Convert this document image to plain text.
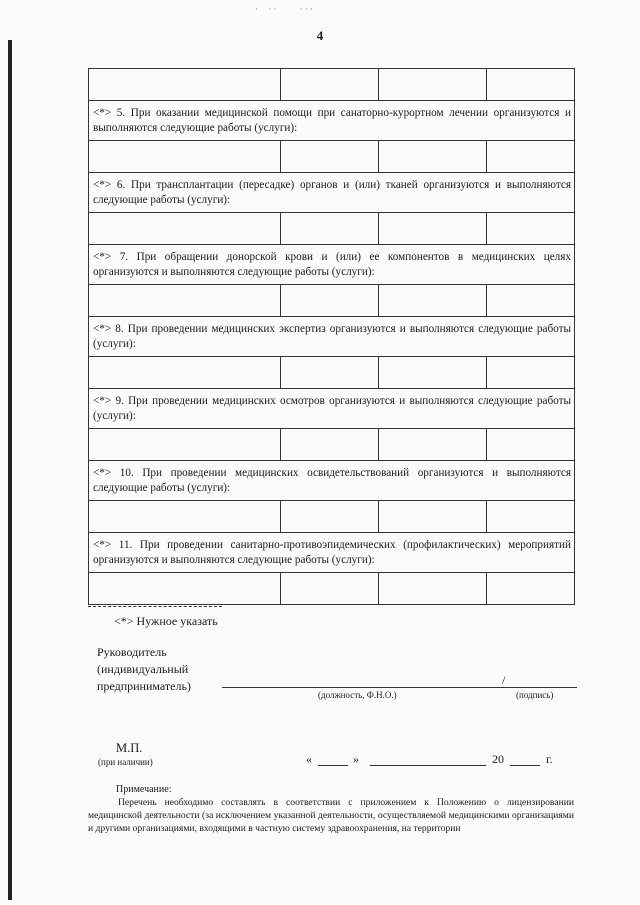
·  ··     ···
4

<*> 5. При оказании медицинской помощи при санаторно-курортном лечении организуются и выполняются следующие работы (услуги):			

<*> 6. При трансплантации (пересадке) органов и (или) тканей организуются и выполняются следующие работы (услуги):			

<*> 7. При обращении донорской крови и (или) ее компонентов в медицинских целях организуются и выполняются следующие работы (услуги):			

<*> 8. При проведении медицинских экспертиз организуются и выполняются следующие работы (услуги):			

<*> 9. При проведении медицинских осмотров организуются и выполняются следующие работы (услуги):			

<*> 10. При проведении медицинских освидетельствований организуются и выполняются следующие работы (услуги):			

<*> 11. При проведении санитарно-противоэпидемических (профилактических) мероприятий организуются и выполняются следующие работы (услуги):			

<*> Нужное указать
Руководитель
(индивидуальный
предприниматель)	/
(должность, Ф.Н.О.)	(подпись)
М.П.
(при наличии)	«	»	20	г.
Примечание:
Перечень необходимо составлять в соответствии с приложением к Положению о лицензировании медицинской деятельности (за исключением указанной деятельности, осуществляемой медицинскими организациями и другими организациями, входящими в частную систему здравоохранения, на территории
